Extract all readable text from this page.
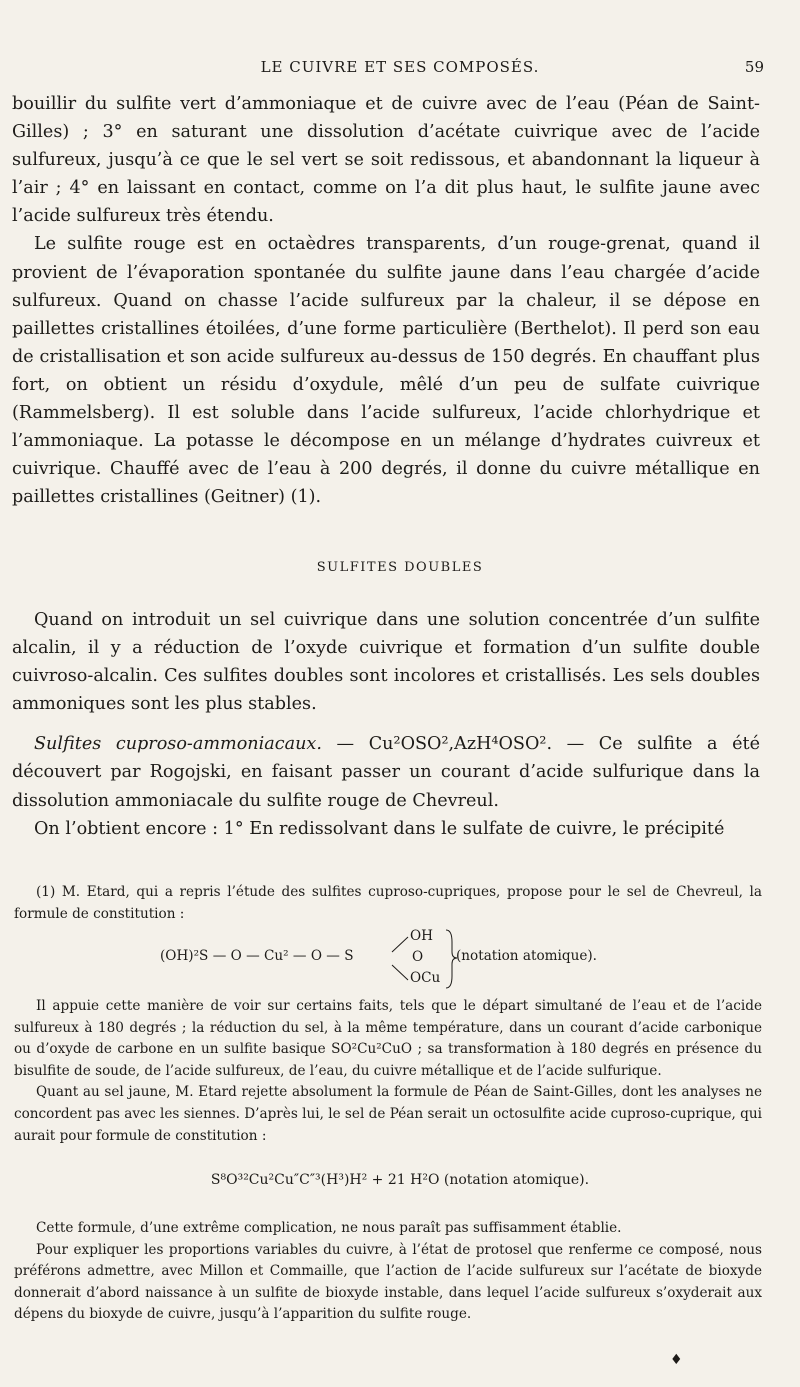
LE CUIVRE ET SES COMPOSÉS.	59

bouillir du sulfite vert d’ammoniaque et de cuivre avec de l’eau (Péan de Saint-Gilles) ; 3° en saturant une dissolution d’acétate cuivrique avec de l’acide sulfureux, jusqu’à ce que le sel vert se soit redissous, et abandonnant la liqueur à l’air ; 4° en laissant en contact, comme on l’a dit plus haut, le sulfite jaune avec l’acide sulfureux très étendu.

Le sulfite rouge est en octaèdres transparents, d’un rouge-grenat, quand il provient de l’évaporation spontanée du sulfite jaune dans l’eau chargée d’acide sulfureux. Quand on chasse l’acide sulfureux par la chaleur, il se dépose en paillettes cristallines étoilées, d’une forme particulière (Berthelot). Il perd son eau de cristallisation et son acide sulfureux au-dessus de 150 degrés. En chauffant plus fort, on obtient un résidu d’oxydule, mêlé d’un peu de sulfate cuivrique (Rammelsberg). Il est soluble dans l’acide sulfureux, l’acide chlorhydrique et l’ammoniaque. La potasse le décompose en un mélange d’hydrates cuivreux et cuivrique. Chauffé avec de l’eau à 200 degrés, il donne du cuivre métallique en paillettes cristallines (Geitner) (1).

SULFITES DOUBLES

Quand on introduit un sel cuivrique dans une solution concentrée d’un sulfite alcalin, il y a réduction de l’oxyde cuivrique et formation d’un sulfite double cuivroso-alcalin. Ces sulfites doubles sont incolores et cristallisés. Les sels doubles ammoniques sont les plus stables.

Sulfites cuproso-ammoniacaux. — Cu²OSO²,AzH⁴OSO². — Ce sulfite a été découvert par Rogojski, en faisant passer un courant d’acide sulfurique dans la dissolution ammoniacale du sulfite rouge de Chevreul.

On l’obtient encore : 1° En redissolvant dans le sulfate de cuivre, le précipité

(1) M. Etard, qui a repris l’étude des sulfites cuproso-cupriques, propose pour le sel de Chevreul, la formule de constitution :

(OH)²S — O — Cu² — O — S
OH
O
OCu
(notation atomique).

Il appuie cette manière de voir sur certains faits, tels que le départ simultané de l’eau et de l’acide sulfureux à 180 degrés ; la réduction du sel, à la même température, dans un courant d’acide carbonique ou d’oxyde de carbone en un sulfite basique SO²Cu²CuO ; sa transformation à 180 degrés en présence du bisulfite de soude, de l’acide sulfureux, de l’eau, du cuivre métallique et de l’acide sulfurique.

Quant au sel jaune, M. Etard rejette absolument la formule de Péan de Saint-Gilles, dont les analyses ne concordent pas avec les siennes. D’après lui, le sel de Péan serait un octosulfite acide cuproso-cuprique, qui aurait pour formule de constitution :

S⁸O³²Cu²Cu″C″³(H³)H² + 21 H²O (notation atomique).

Cette formule, d’une extrême complication, ne nous paraît pas suffisamment établie.

Pour expliquer les proportions variables du cuivre, à l’état de protosel que renferme ce composé, nous préférons admettre, avec Millon et Commaille, que l’action de l’acide sulfureux sur l’acétate de bioxyde donnerait d’abord naissance à un sulfite de bioxyde instable, dans lequel l’acide sulfureux s’oxyderait aux dépens du bioxyde de cuivre, jusqu’à l’apparition du sulfite rouge.

♦
